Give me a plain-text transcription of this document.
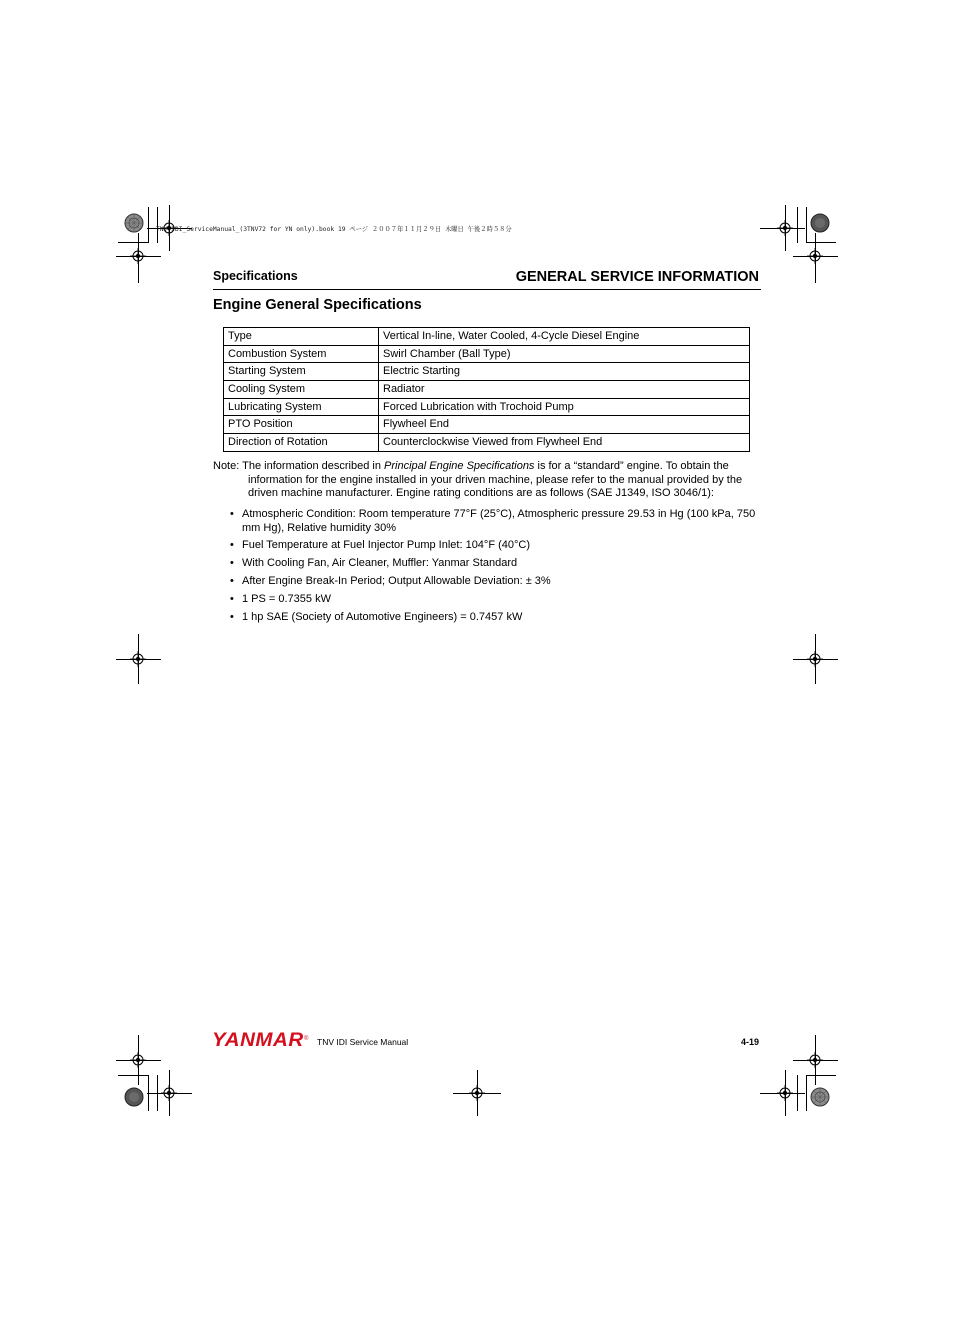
TNV_IDI_ServiceManual_(3TNV72 for YN only).book 19 ページ ２００７年１１月２９日 木曜日 午後２時５８分
Specifications	GENERAL SERVICE INFORMATION
Engine General Specifications
Type	Vertical In-line, Water Cooled, 4-Cycle Diesel Engine
Combustion System	Swirl Chamber (Ball Type)
Starting System	Electric Starting
Cooling System	Radiator
Lubricating System	Forced Lubrication with Trochoid Pump
PTO Position	Flywheel End
Direction of Rotation	Counterclockwise Viewed from Flywheel End
Note: The information described in Principal Engine Specifications is for a “standard” engine. To obtain the information for the engine installed in your driven machine, please refer to the manual provided by the driven machine manufacturer. Engine rating conditions are as follows (SAE J1349, ISO 3046/1):
• Atmospheric Condition: Room temperature 77°F (25°C), Atmospheric pressure 29.53 in Hg (100 kPa, 750 mm Hg), Relative humidity 30%
• Fuel Temperature at Fuel Injector Pump Inlet: 104°F (40°C)
• With Cooling Fan, Air Cleaner, Muffler: Yanmar Standard
• After Engine Break-In Period; Output Allowable Deviation: ± 3%
• 1 PS = 0.7355 kW
• 1 hp SAE (Society of Automotive Engineers) = 0.7457 kW
YANMAR ® TNV IDI Service Manual	4-19
